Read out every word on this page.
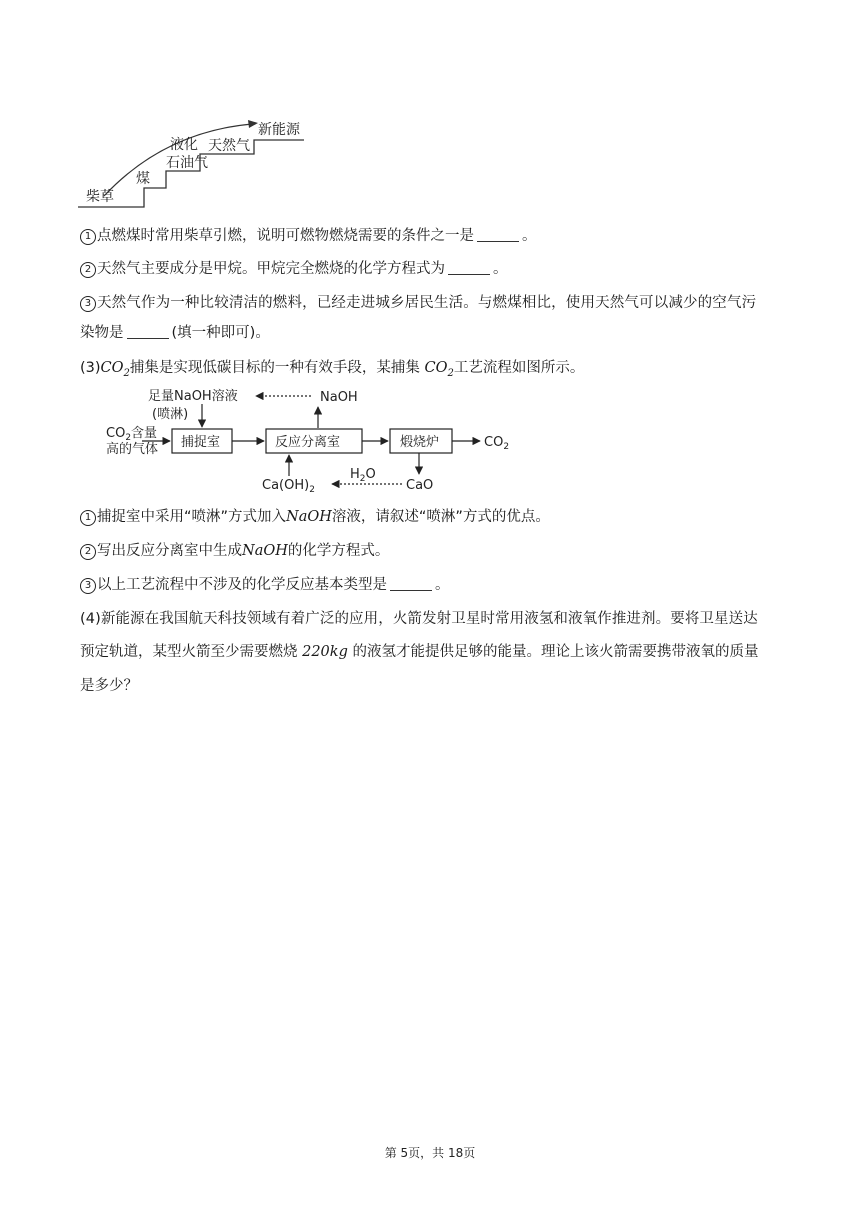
柴草
煤
液化
石油气
天然气
新能源
1 点燃煤时常用柴草引燃，说明可燃物燃烧需要的条件之一是	。
2 天然气主要成分是甲烷。甲烷完全燃烧的化学方程式为	。
3 天然气作为一种比较清洁的燃料，已经走进城乡居民生活。与燃煤相比，使用天然气可以减少的空气污
染物是	(填一种即可)。
$(3)CO_2$捕集是实现低碳目标的一种有效手段，某捕集 $CO_2$工艺流程如图所示。
足量NaOH溶液
(喷淋)
NaOH
$CO_2$含量
高的气体 捕捉室	反应分离室	煅烧炉	$CO_2$
CaO
$H_2O$
$Ca(OH)_2$
1 捕捉室中采用“喷淋”方式加入NaOH溶液，请叙述“喷淋”方式的优点。
2 写出反应分离室中生成NaOH的化学方程式。
3 以上工艺流程中不涉及的化学反应基本类型是	。
(4)新能源在我国航天科技领域有着广泛的应用，火箭发射卫星时常用液氢和液氧作推进剂。要将卫星送达
预定轨道，某型火箭至少需要燃烧 220kg 的液氢才能提供足够的能量。理论上该火箭需要携带液氧的质量
是多少？
第 5页，共 18页
